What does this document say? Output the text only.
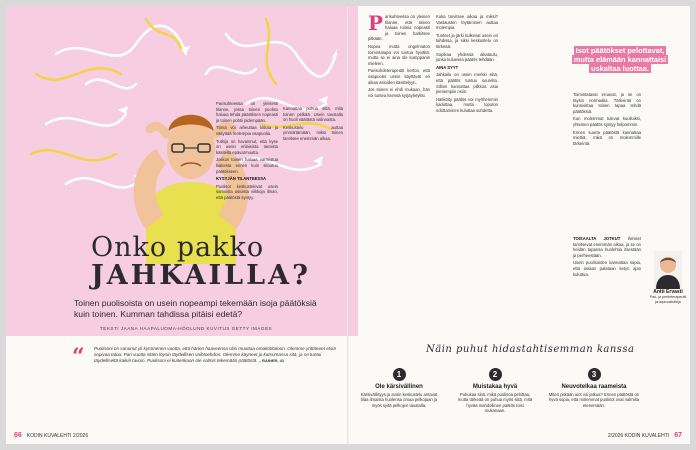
Parisuhteessa on yleisesti tilanne, jossa toinen puoliso haluaa tehdä päätöksen nopeasti ja toinen pohtii pidempään.

Tämä voi aiheuttaa kitkaa ja väsyttää molempia osapuolia.

Tutkija on havainnut, että kyse on usein erilaisista tavoista käsitellä epävarmuutta.

Joskus toinen haluaa varmistua kaikesta ennen kuin sitoutuu päätökseen.

KYSYJÄN TILANTEESSA

Puolisot keskustelevat usein samoista asioista viikkoja ilman, että päätöstä syntyy.

Kannattaa puhua siitä, mitä toinen pelkää. Usein taustalla on huoli väärästä valinnasta.

Keskustelu auttaa ymmärtämään, miksi toinen tarvitsee enemmän aikaa.

Onko pakko
JAHKAILLA?
Toinen puolisoista on usein nopeampi tekemään isoja päätöksiä kuin toinen. Kumman tahdissa pitäisi edetä?
TEKSTI JAANA HAAPALUOMA-HÖGLUND KUVITUS GETTY IMAGES
“ Puolisoni on sanonut yli kymmenen vuotta, että hänen haaveensa olisi muuttaa omakotitaloon. Olemme yrittäneet etsiä sopivaa taloa. Pari vuotta sitten löysin täydellisen vaihtoehdon. Olemme käyneet jo katsomassa sitä, ja se tuntui täydelliseltä kaikin tavoin. Puolisoni ei kuitenkaan ole valmis tekemään päätöstä. – RAINER, 41
66 KODIN KUVALEHTI 2/2026

Parisuhteessa on yleinen tilanne, että toinen haluaa toimia nopeasti ja toinen harkitsee pitkään.

Nopea mutta ongelmaton toimintatapa voi tuntua hyvältä, mutta se ei aina ole kumppanin mieleen.

Parisuhdeterapeutti kertoo, että osapuolet usein käyttävät eri aikaa asioiden käsittelyyn.

Jos toinen ei ehdi mukaan, hän voi tuntea itsensä syrjäytetyksi.

Kuka tarvitsee aikaa ja miksi? Vastausten löytäminen auttaa molempia.

Tunteet ja järki kulkevat usein eri tahdissa, ja siksi keskustelu on tärkeää.

Sopikaa yhdessä aikataulu, jonka kuluessa päätös tehdään.

AINA SYYT

Jahkailu on usein merkki siitä, että päätös tuntuu suurelta. Silloin kannattaa pilkkoa asia pienempiin osiin.

Hätiköity päätös voi myöhemmin kaduttaa, mutta loputon odottaminen kuluttaa suhdetta.

Isot päätökset pelottavat, mutta elämään kannattaisi uskaltaa luottaa.

Toimintatavat eroavat, ja se on täysin normaalia. Tärkeintä on kunnioittaa toisen tapaa tehdä päätöksiä.

Kun molemmat tulevat kuulluiksi, yhteinen päätös syntyy helpommin.

Ennen suurta päätöstä kannattaa miettiä, mikä on molemmille tärkeintä.

TOISAALTA JOTKUT ihmiset tarvitsevat enemmän aikaa, ja se on heidän tapansa huolehtia itsestään ja perheestään.

Usein puolisoiden kannattaa sopia, että asiaan palataan tietyn ajan kuluttua.

Antti Ervasti
Pari- ja perheterapeutti ja lapsuustutkija
Näin puhut hidastahtisemman kanssa
1
Ole kärsivällinen
Kärsivällisyys ja avoin keskustelu antavat tilaa ilmaista huolensa omaa pelkojaan ja myös syitä pelkojen taustalla.
2
Muistakaa hyvä
Puhukaa siitä, mikä puolisoa pelottaa, mutta tärkeää on puhua myös siitä, mitä hyvää mahdollinen päätös toisi mukanaan.
3
Neuvotelkaa raameista
Miten pitkään aiot voi jatkua? Ennen päätöstä on hyvä sopia, että molemmat puolisot ovat valmiita etenemään.
2/2026 KODIN KUVALEHTI 67
